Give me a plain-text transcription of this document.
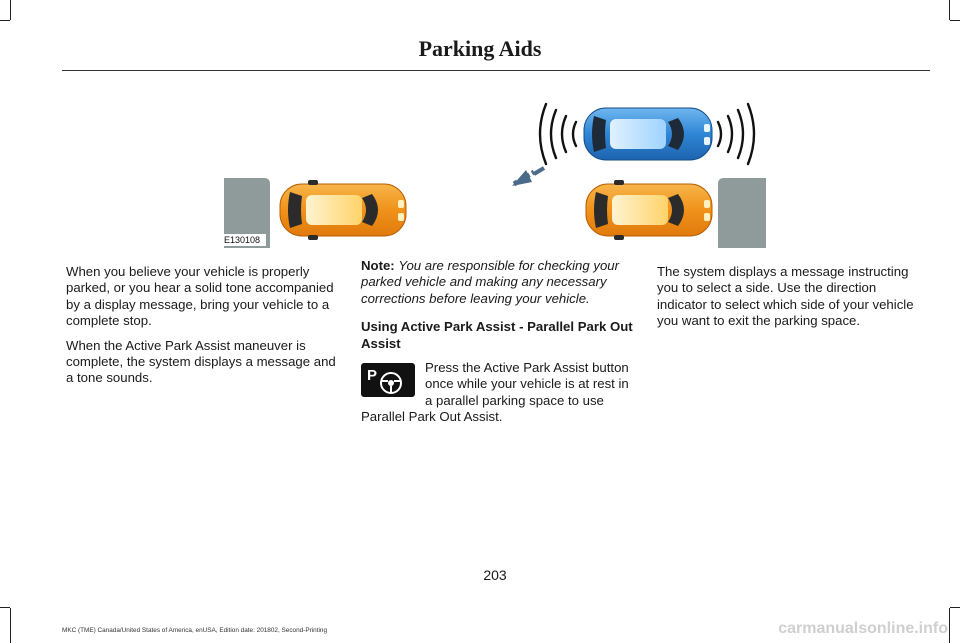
Parking Aids
E130108

When you believe your vehicle is properly parked, or you hear a solid tone accompanied by a display message, bring your vehicle to a complete stop.

When the Active Park Assist maneuver is complete, the system displays a message and a tone sounds.

Note: You are responsible for checking your parked vehicle and making any necessary corrections before leaving your vehicle.

Using Active Park Assist - Parallel Park Out Assist

P	Press the Active Park Assist button once while your vehicle is at rest in a parallel parking space to use Parallel Park Out Assist.

The system displays a message instructing you to select a side. Use the direction indicator to select which side of your vehicle you want to exit the parking space.

203
MKC (TME) Canada/United States of America, enUSA, Edition date: 201802, Second-Printing	carmanualsonline.info
